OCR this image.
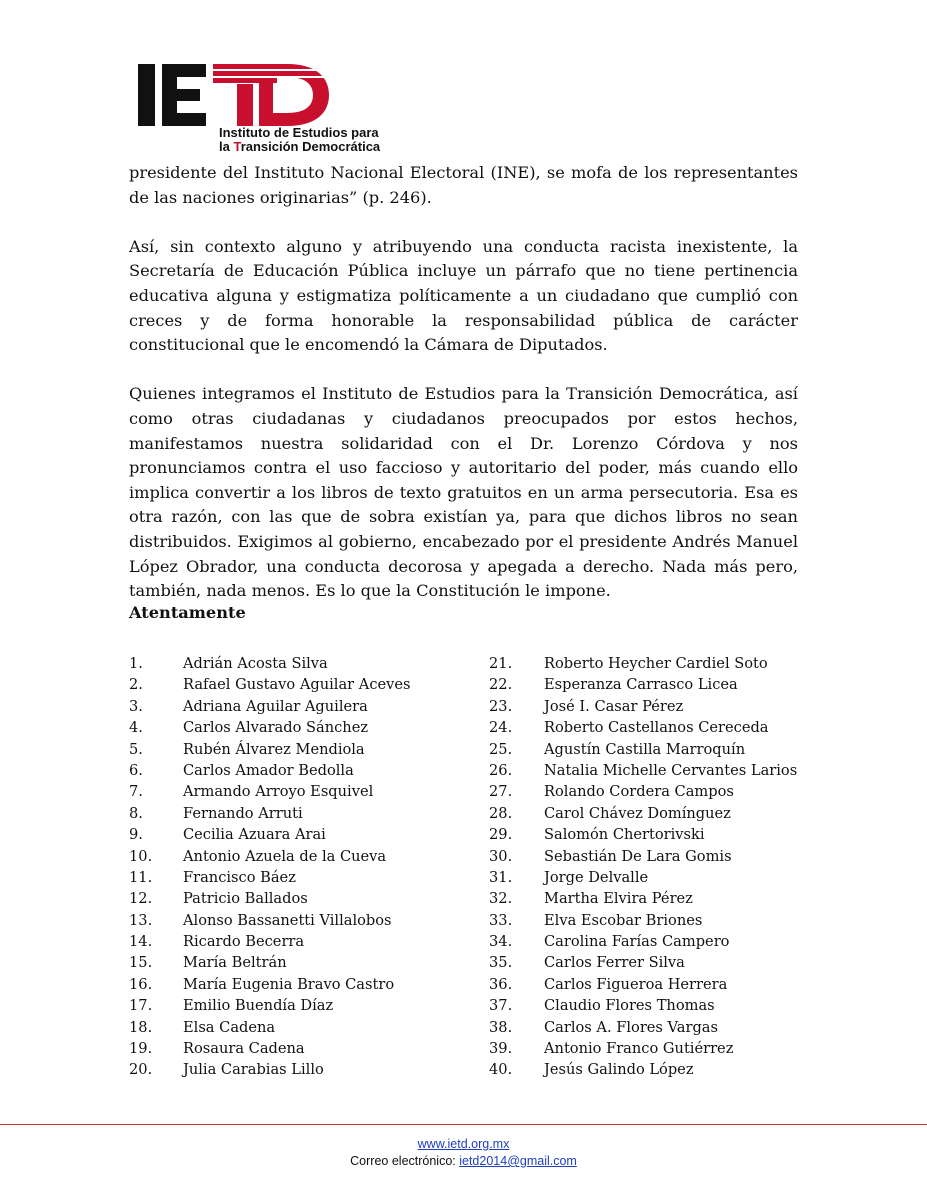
Instituto de Estudios para
la Transición Democrática

presidente del Instituto Nacional Electoral (INE), se mofa de los representantes de las naciones originarias” (p. 246).

Así, sin contexto alguno y atribuyendo una conducta racista inexistente, la Secretaría de Educación Pública incluye un párrafo que no tiene pertinencia educativa alguna y estigmatiza políticamente a un ciudadano que cumplió con creces y de forma honorable la responsabilidad pública de carácter constitucional que le encomendó la Cámara de Diputados.

Quienes integramos el Instituto de Estudios para la Transición Democrática, así como otras ciudadanas y ciudadanos preocupados por estos hechos, manifestamos nuestra solidaridad con el Dr. Lorenzo Córdova y nos pronunciamos contra el uso faccioso y autoritario del poder, más cuando ello implica convertir a los libros de texto gratuitos en un arma persecutoria. Esa es otra razón, con las que de sobra existían ya, para que dichos libros no sean distribuidos. Exigimos al gobierno, encabezado por el presidente Andrés Manuel López Obrador, una conducta decorosa y apegada a derecho. Nada más pero, también, nada menos. Es lo que la Constitución le impone.

Atentamente
1.	Adrián Acosta Silva
2.	Rafael Gustavo Aguilar Aceves
3.	Adriana Aguilar Aguilera
4.	Carlos Alvarado Sánchez
5.	Rubén Álvarez Mendiola
6.	Carlos Amador Bedolla
7.	Armando Arroyo Esquivel
8.	Fernando Arruti
9.	Cecilia Azuara Arai
10. Antonio Azuela de la Cueva
11. Francisco Báez
12. Patricio Ballados
13. Alonso Bassanetti Villalobos
14. Ricardo Becerra
15. María Beltrán
16. María Eugenia Bravo Castro
17. Emilio Buendía Díaz
18. Elsa Cadena
19. Rosaura Cadena
20. Julia Carabias Lillo
21. Roberto Heycher Cardiel Soto
22. Esperanza Carrasco Licea
23. José I. Casar Pérez
24. Roberto Castellanos Cereceda
25. Agustín Castilla Marroquín
26. Natalia Michelle Cervantes Larios
27. Rolando Cordera Campos
28. Carol Chávez Domínguez
29. Salomón Chertorivski
30. Sebastián De Lara Gomis
31. Jorge Delvalle
32. Martha Elvira Pérez
33. Elva Escobar Briones
34. Carolina Farías Campero
35. Carlos Ferrer Silva
36. Carlos Figueroa Herrera
37. Claudio Flores Thomas
38. Carlos A. Flores Vargas
39. Antonio Franco Gutiérrez
40. Jesús Galindo López
www.ietd.org.mx
Correo electrónico: ietd2014@gmail.com
